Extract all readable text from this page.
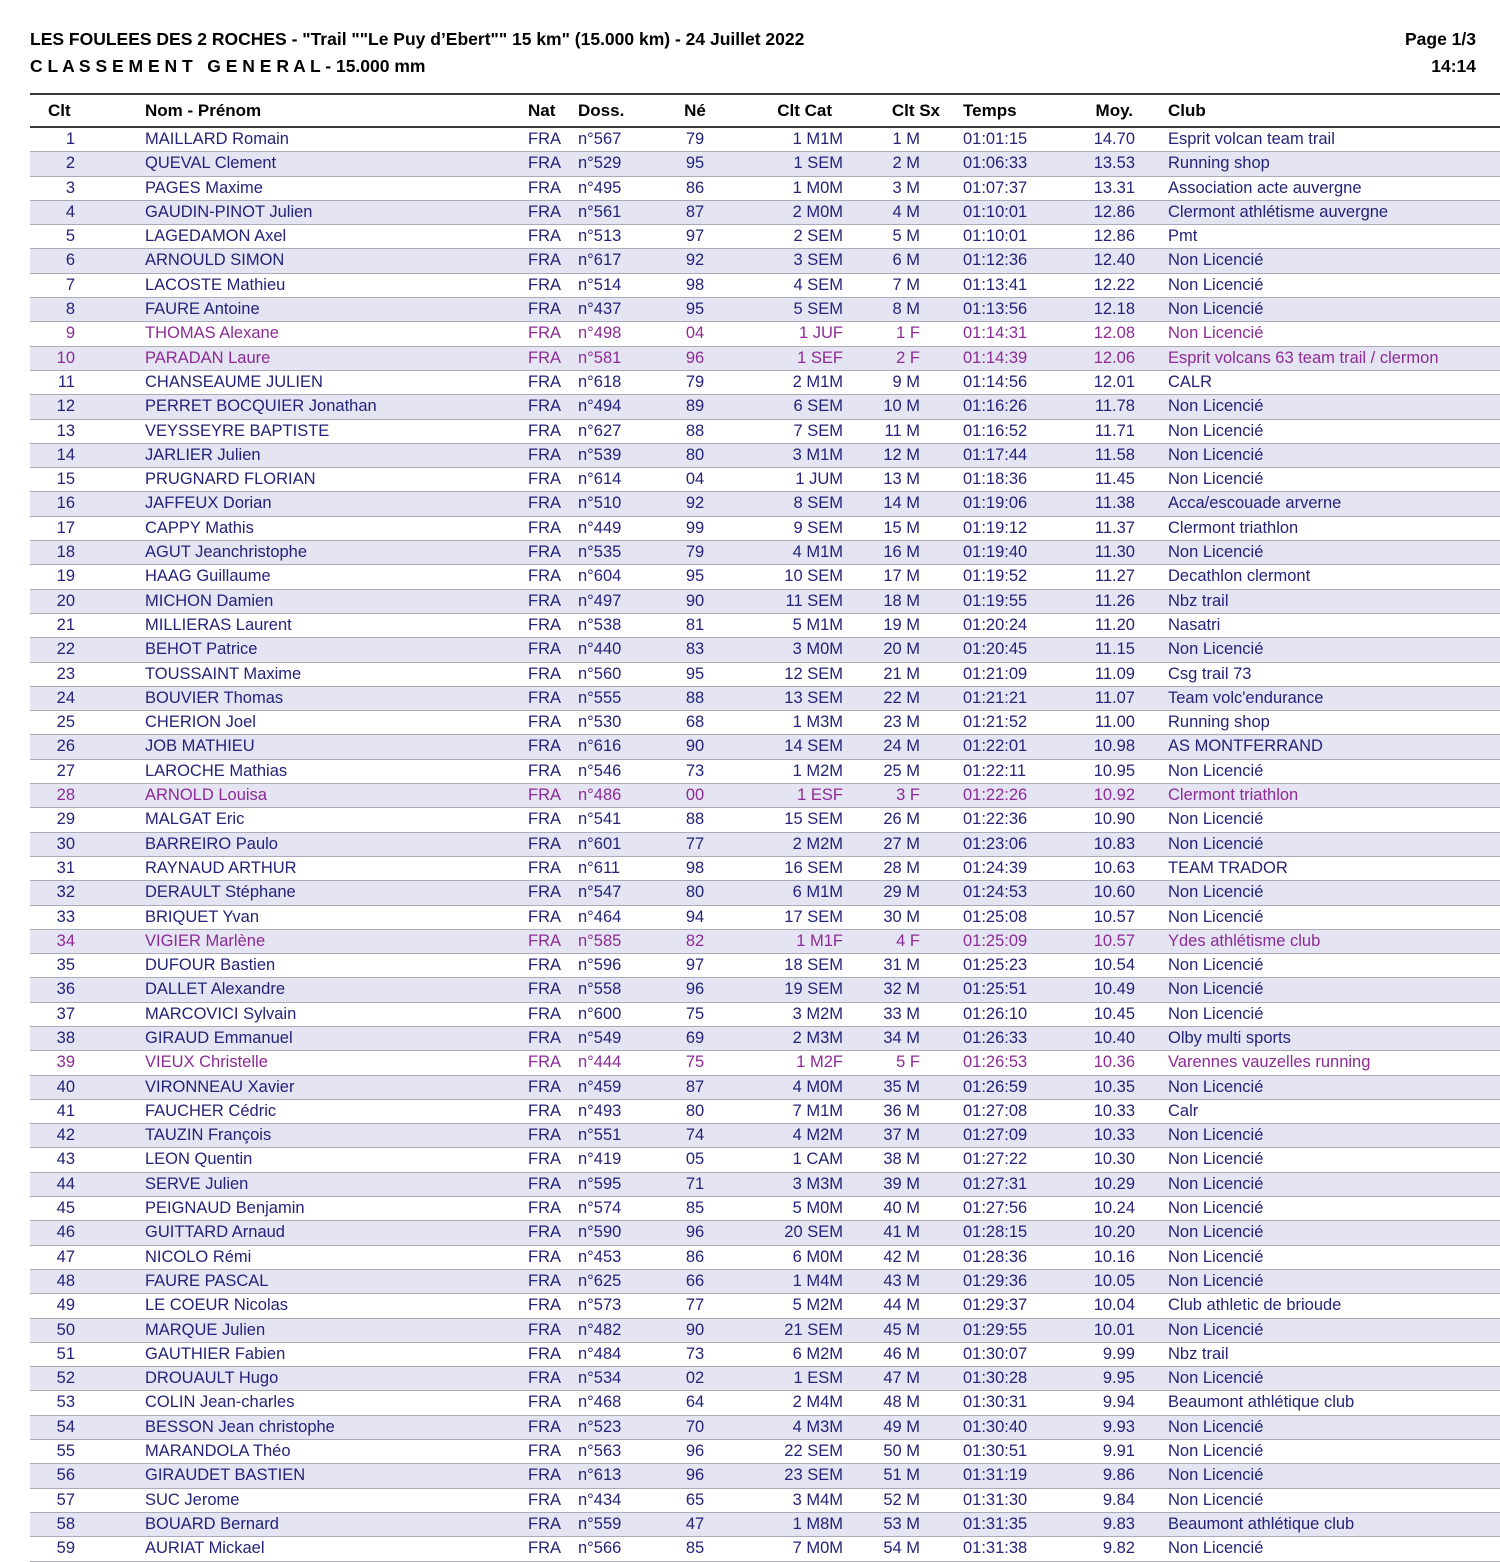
LES FOULEES DES 2 ROCHES - "Trail ""Le Puy d’Ebert"" 15 km" (15.000 km) - 24 Juillet 2022
C L A S S E M E N T   G E N E R A L - 15.000 mm
Page 1/3
14:14
Clt	Nom - Prénom	Nat	Doss.	Né	Clt Cat	Clt Sx	Temps	Moy.	Club
1	MAILLARD Romain	FRA	n°567	79	1 M1M	1 M	01:01:15	14.70	Esprit volcan team trail
2	QUEVAL Clement	FRA	n°529	95	1 SEM	2 M	01:06:33	13.53	Running shop
3	PAGES Maxime	FRA	n°495	86	1 M0M	3 M	01:07:37	13.31	Association acte auvergne
4	GAUDIN-PINOT Julien	FRA	n°561	87	2 M0M	4 M	01:10:01	12.86	Clermont athlétisme auvergne
5	LAGEDAMON Axel	FRA	n°513	97	2 SEM	5 M	01:10:01	12.86	Pmt
6	ARNOULD SIMON	FRA	n°617	92	3 SEM	6 M	01:12:36	12.40	Non Licencié
7	LACOSTE Mathieu	FRA	n°514	98	4 SEM	7 M	01:13:41	12.22	Non Licencié
8	FAURE Antoine	FRA	n°437	95	5 SEM	8 M	01:13:56	12.18	Non Licencié
9	THOMAS Alexane	FRA	n°498	04	1 JUF	1 F	01:14:31	12.08	Non Licencié
10	PARADAN Laure	FRA	n°581	96	1 SEF	2 F	01:14:39	12.06	Esprit volcans 63 team trail / clermon
11	CHANSEAUME JULIEN	FRA	n°618	79	2 M1M	9 M	01:14:56	12.01	CALR
12	PERRET BOCQUIER Jonathan	FRA	n°494	89	6 SEM	10 M	01:16:26	11.78	Non Licencié
13	VEYSSEYRE BAPTISTE	FRA	n°627	88	7 SEM	11 M	01:16:52	11.71	Non Licencié
14	JARLIER Julien	FRA	n°539	80	3 M1M	12 M	01:17:44	11.58	Non Licencié
15	PRUGNARD FLORIAN	FRA	n°614	04	1 JUM	13 M	01:18:36	11.45	Non Licencié
16	JAFFEUX Dorian	FRA	n°510	92	8 SEM	14 M	01:19:06	11.38	Acca/escouade arverne
17	CAPPY Mathis	FRA	n°449	99	9 SEM	15 M	01:19:12	11.37	Clermont triathlon
18	AGUT Jeanchristophe	FRA	n°535	79	4 M1M	16 M	01:19:40	11.30	Non Licencié
19	HAAG Guillaume	FRA	n°604	95	10 SEM	17 M	01:19:52	11.27	Decathlon clermont
20	MICHON Damien	FRA	n°497	90	11 SEM	18 M	01:19:55	11.26	Nbz trail
21	MILLIERAS Laurent	FRA	n°538	81	5 M1M	19 M	01:20:24	11.20	Nasatri
22	BEHOT Patrice	FRA	n°440	83	3 M0M	20 M	01:20:45	11.15	Non Licencié
23	TOUSSAINT Maxime	FRA	n°560	95	12 SEM	21 M	01:21:09	11.09	Csg trail 73
24	BOUVIER Thomas	FRA	n°555	88	13 SEM	22 M	01:21:21	11.07	Team volc'endurance
25	CHERION Joel	FRA	n°530	68	1 M3M	23 M	01:21:52	11.00	Running shop
26	JOB MATHIEU	FRA	n°616	90	14 SEM	24 M	01:22:01	10.98	AS MONTFERRAND
27	LAROCHE Mathias	FRA	n°546	73	1 M2M	25 M	01:22:11	10.95	Non Licencié
28	ARNOLD Louisa	FRA	n°486	00	1 ESF	3 F	01:22:26	10.92	Clermont triathlon
29	MALGAT Eric	FRA	n°541	88	15 SEM	26 M	01:22:36	10.90	Non Licencié
30	BARREIRO Paulo	FRA	n°601	77	2 M2M	27 M	01:23:06	10.83	Non Licencié
31	RAYNAUD ARTHUR	FRA	n°611	98	16 SEM	28 M	01:24:39	10.63	TEAM TRADOR
32	DERAULT Stéphane	FRA	n°547	80	6 M1M	29 M	01:24:53	10.60	Non Licencié
33	BRIQUET Yvan	FRA	n°464	94	17 SEM	30 M	01:25:08	10.57	Non Licencié
34	VIGIER Marlène	FRA	n°585	82	1 M1F	4 F	01:25:09	10.57	Ydes athlétisme club
35	DUFOUR Bastien	FRA	n°596	97	18 SEM	31 M	01:25:23	10.54	Non Licencié
36	DALLET Alexandre	FRA	n°558	96	19 SEM	32 M	01:25:51	10.49	Non Licencié
37	MARCOVICI Sylvain	FRA	n°600	75	3 M2M	33 M	01:26:10	10.45	Non Licencié
38	GIRAUD Emmanuel	FRA	n°549	69	2 M3M	34 M	01:26:33	10.40	Olby multi sports
39	VIEUX Christelle	FRA	n°444	75	1 M2F	5 F	01:26:53	10.36	Varennes vauzelles running
40	VIRONNEAU Xavier	FRA	n°459	87	4 M0M	35 M	01:26:59	10.35	Non Licencié
41	FAUCHER Cédric	FRA	n°493	80	7 M1M	36 M	01:27:08	10.33	Calr
42	TAUZIN François	FRA	n°551	74	4 M2M	37 M	01:27:09	10.33	Non Licencié
43	LEON Quentin	FRA	n°419	05	1 CAM	38 M	01:27:22	10.30	Non Licencié
44	SERVE Julien	FRA	n°595	71	3 M3M	39 M	01:27:31	10.29	Non Licencié
45	PEIGNAUD Benjamin	FRA	n°574	85	5 M0M	40 M	01:27:56	10.24	Non Licencié
46	GUITTARD Arnaud	FRA	n°590	96	20 SEM	41 M	01:28:15	10.20	Non Licencié
47	NICOLO Rémi	FRA	n°453	86	6 M0M	42 M	01:28:36	10.16	Non Licencié
48	FAURE PASCAL	FRA	n°625	66	1 M4M	43 M	01:29:36	10.05	Non Licencié
49	LE COEUR Nicolas	FRA	n°573	77	5 M2M	44 M	01:29:37	10.04	Club athletic de brioude
50	MARQUE Julien	FRA	n°482	90	21 SEM	45 M	01:29:55	10.01	Non Licencié
51	GAUTHIER Fabien	FRA	n°484	73	6 M2M	46 M	01:30:07	9.99	Nbz trail
52	DROUAULT Hugo	FRA	n°534	02	1 ESM	47 M	01:30:28	9.95	Non Licencié
53	COLIN Jean-charles	FRA	n°468	64	2 M4M	48 M	01:30:31	9.94	Beaumont athlétique club
54	BESSON Jean christophe	FRA	n°523	70	4 M3M	49 M	01:30:40	9.93	Non Licencié
55	MARANDOLA Théo	FRA	n°563	96	22 SEM	50 M	01:30:51	9.91	Non Licencié
56	GIRAUDET BASTIEN	FRA	n°613	96	23 SEM	51 M	01:31:19	9.86	Non Licencié
57	SUC Jerome	FRA	n°434	65	3 M4M	52 M	01:31:30	9.84	Non Licencié
58	BOUARD Bernard	FRA	n°559	47	1 M8M	53 M	01:31:35	9.83	Beaumont athlétique club
59	AURIAT Mickael	FRA	n°566	85	7 M0M	54 M	01:31:38	9.82	Non Licencié
